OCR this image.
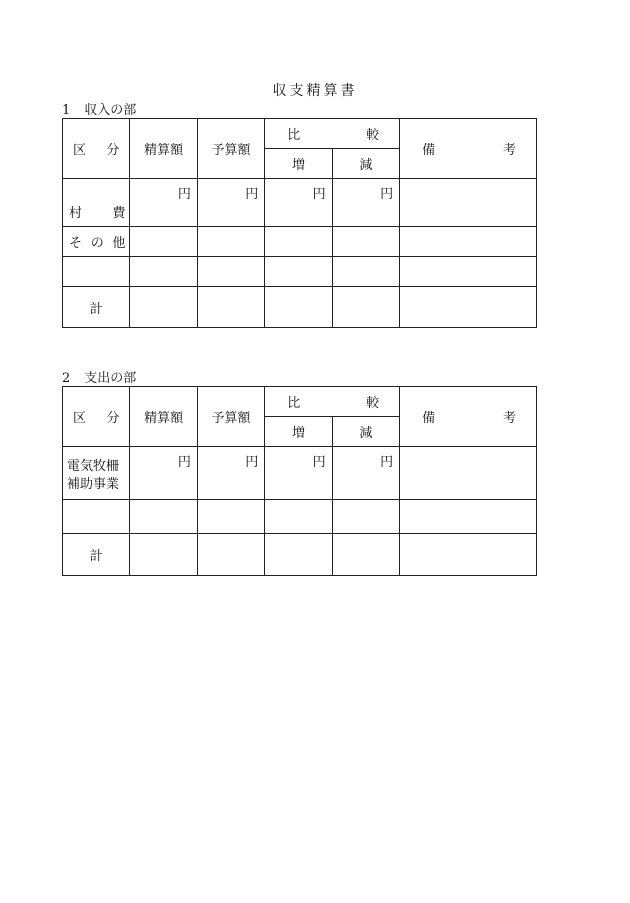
収支精算書
1 収入の部
区 分	精算額	予算額	比 較		備 考

			増	減	

村 費	円	円	円	円	

そ の 他					

計					
2 支出の部
区 分	精算額	予算額	比 較		備 考

			増	減	

電気牧柵
補助事業	円	円	円	円	

計					
